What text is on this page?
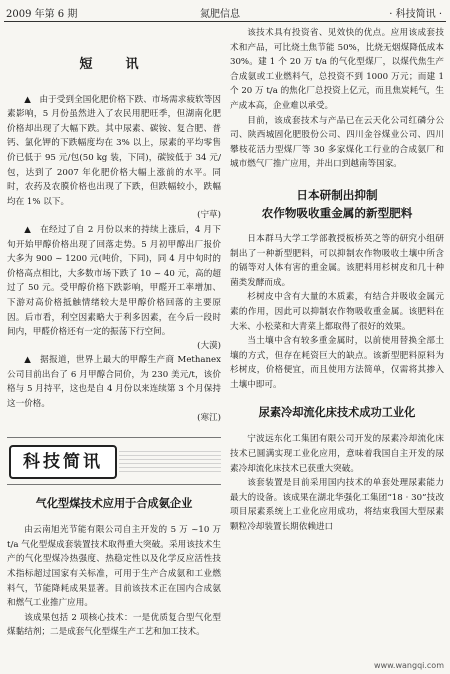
2009 年第 6 期	氮肥信息	· 科技简讯 ·
短　讯

▲　由于受到全国化肥价格下跌、市场需求疲软等因素影响，5 月份虽然进入了农民用肥旺季，但湖南化肥价格却出现了大幅下跌。其中尿素、碳铵、复合肥、普钙、氯化钾的下跌幅度均在 3% 以上，尿素的平均零售价已低于 95 元/包(50 kg 装，下同)，碳铵低于 34 元/包，达到了 2007 年化肥价格大幅上涨前的水平。同时，农药及农膜价格也出现了下跌，但跌幅较小，跌幅均在 1% 以下。

(宁草)

▲　在经过了自 2 月份以来的持续上涨后，4 月下旬开始甲醇价格出现了回落走势。5 月初甲醇出厂报价大多为 900 ~ 1200 元(吨价，下同)，同 4 月中旬时的价格高点相比，大多数市场下跌了 10 ~ 40 元，高的超过了 50 元。受甲醇价格下跌影响，甲醛开工率增加、下游对高价格抵触情绪较大是甲醇价格回落的主要原因。后市看，利空因素略大于利多因素，在今后一段时间内，甲醛价格还有一定的振荡下行空间。

(大漠)

▲　据报道，世界上最大的甲醇生产商 Methanex 公司目前出台了 6 月甲醇合同价，为 230 美元/t，该价格与 5 月持平，这也是自 4 月份以来连续第 3 个月保持这一价格。

(寒江)
科技简讯
气化型煤技术应用于合成氨企业

由云南旭光节能有限公司自主开发的 5 万 ~10 万 t/a 气化型煤成套装置技术取得重大突破。采用该技术生产的气化型煤冷热强度、热稳定性以及化学反应活性技术指标超过国家有关标准，可用于生产合成氨和工业燃料气，节能降耗成果显著。目前该技术正在国内合成氨和燃气工业推广应用。

该成果包括 2 项核心技术：一是优质复合型气化型煤黏结剂；二是成套气化型煤生产工艺和加工技术。

该技术具有投资省、见效快的优点。应用该成套技术和产品，可比烧土焦节能 50%，比烧无烟煤降低成本 30%。建 1 个 20 万 t/a 的气化型煤厂，以煤代焦生产合成氨或工业燃料气，总投资不到 1000 万元；而建 1 个 20 万 t/a 的焦化厂总投资上亿元，而且焦炭耗气，生产成本高，企业难以承受。

目前，该成套技术与产品已在云天化公司红磷分公司、陕西城固化肥股份公司、四川金谷煤业公司、四川攀枝花活力型煤厂等 30 多家煤化工行业的合成氨厂和城市燃气厂推广应用，并出口到越南等国家。

日本研制出抑制
农作物吸收重金属的新型肥料

日本群马大学工学部教授板桥英之等的研究小组研制出了一种新型肥料，可以抑制农作物吸收土壤中所含的镉等对人体有害的重金属。该肥料用杉树皮和几十种菌类发酵而成。

杉树皮中含有大量的木质素，有结合并吸收金属元素的作用，因此可以抑制农作物吸收重金属。该肥料在大米、小松菜和大青菜上都取得了很好的效果。

当土壤中含有较多重金属时，以前使用替换全部土壤的方式，但存在耗资巨大的缺点。该新型肥料原料为杉树皮，价格便宜，而且使用方法简单，仅需将其掺入土壤中即可。

尿素冷却流化床技术成功工业化

宁波远东化工集团有限公司开发的尿素冷却流化床技术已圆满实现工业化应用，意味着我国自主开发的尿素冷却流化床技术已获重大突破。

该套装置是目前采用国内技术的单套处理尿素能力最大的设备。该成果在湖北华强化工集团“18 · 30”技改项目尿素系统上工业化应用成功，将结束我国大型尿素颗粒冷却装置长期依赖进口

www.wangqi.com
